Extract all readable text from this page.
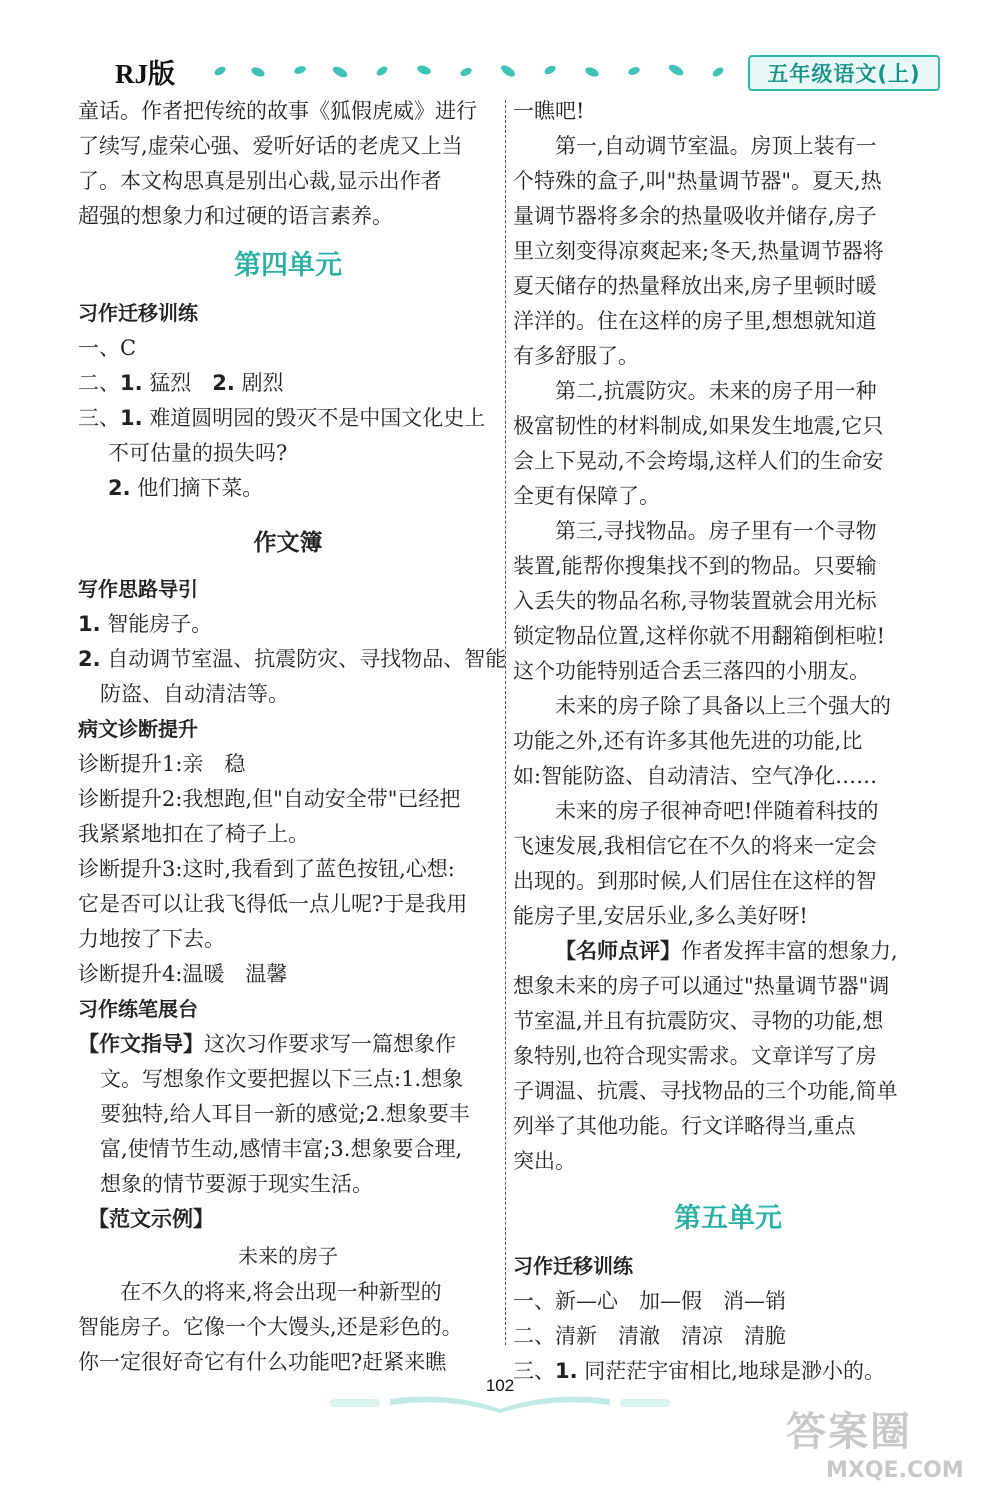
RJ版	五年级语文(上)
童话。作者把传统的故事《狐假虎威》进行
了续写,虚荣心强、爱听好话的老虎又上当
了。本文构思真是别出心裁,显示出作者
超强的想象力和过硬的语言素养。
第四单元
习作迁移训练
一、C
二、1. 猛烈　 2. 剧烈
三、1. 难道圆明园的毁灭不是中国文化史上
不可估量的损失吗?
2. 他们摘下菜。
作文簿
写作思路导引
1. 智能房子。
2. 自动调节室温、抗震防灾、寻找物品、智能
防盗、自动清洁等。
病文诊断提升
诊断提升1:亲　稳
诊断提升2:我想跑,但"自动安全带"已经把
我紧紧地扣在了椅子上。
诊断提升3:这时,我看到了蓝色按钮,心想:
它是否可以让我飞得低一点儿呢?于是我用
力地按了下去。
诊断提升4:温暖　温馨
习作练笔展台
【作文指导】这次习作要求写一篇想象作
文。写想象作文要把握以下三点:1.想象
要独特,给人耳目一新的感觉;2.想象要丰
富,使情节生动,感情丰富;3.想象要合理,
想象的情节要源于现实生活。
【范文示例】
未来的房子
在不久的将来,将会出现一种新型的
智能房子。它像一个大馒头,还是彩色的。
你一定很好奇它有什么功能吧?赶紧来瞧
一瞧吧!
第一,自动调节室温。房顶上装有一
个特殊的盒子,叫"热量调节器"。夏天,热
量调节器将多余的热量吸收并储存,房子
里立刻变得凉爽起来;冬天,热量调节器将
夏天储存的热量释放出来,房子里顿时暖
洋洋的。住在这样的房子里,想想就知道
有多舒服了。
第二,抗震防灾。未来的房子用一种
极富韧性的材料制成,如果发生地震,它只
会上下晃动,不会垮塌,这样人们的生命安
全更有保障了。
第三,寻找物品。房子里有一个寻物
装置,能帮你搜集找不到的物品。只要输
入丢失的物品名称,寻物装置就会用光标
锁定物品位置,这样你就不用翻箱倒柜啦!
这个功能特别适合丢三落四的小朋友。
未来的房子除了具备以上三个强大的
功能之外,还有许多其他先进的功能,比
如:智能防盗、自动清洁、空气净化……
未来的房子很神奇吧!伴随着科技的
飞速发展,我相信它在不久的将来一定会
出现的。到那时候,人们居住在这样的智
能房子里,安居乐业,多么美好呀!
【名师点评】作者发挥丰富的想象力,
想象未来的房子可以通过"热量调节器"调
节室温,并且有抗震防灾、寻物的功能,想
象特别,也符合现实需求。文章详写了房
子调温、抗震、寻找物品的三个功能,简单
列举了其他功能。行文详略得当,重点
突出。
第五单元
习作迁移训练
一、新—心　加—假　消—销
二、清新　清澈　清凉　清脆
三、1. 同茫茫宇宙相比,地球是渺小的。
102
答案圈
MXQE.COM
